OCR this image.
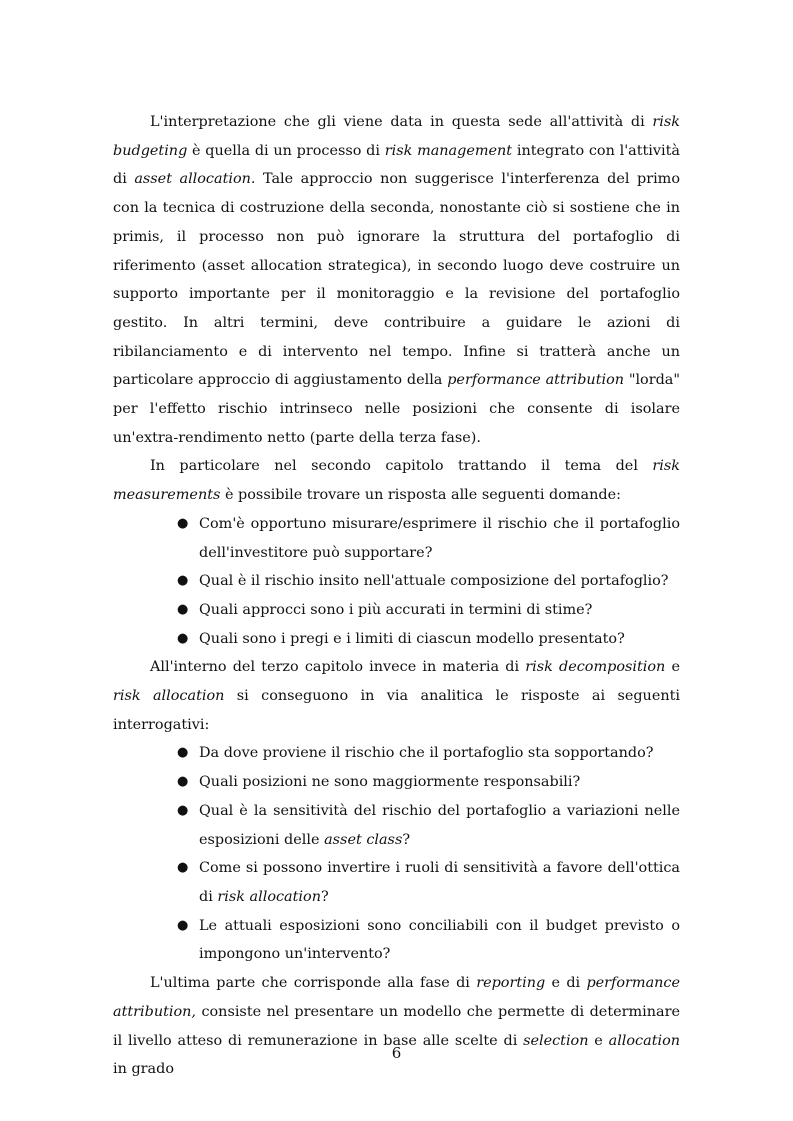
L'interpretazione che gli viene data in questa sede all'attività di risk budgeting è quella di un processo di risk management integrato con l'attività di asset allocation. Tale approccio non suggerisce l'interferenza del primo con la tecnica di costruzione della seconda, nonostante ciò si sostiene che in primis, il processo non può ignorare la struttura del portafoglio di riferimento (asset allocation strategica), in secondo luogo deve costruire un supporto importante per il monitoraggio e la revisione del portafoglio gestito. In altri termini, deve contribuire a guidare le azioni di ribilanciamento e di intervento nel tempo. Infine si tratterà anche un particolare approccio di aggiustamento della performance attribution "lorda" per l'effetto rischio intrinseco nelle posizioni che consente di isolare un'extra-rendimento netto (parte della terza fase).

In particolare nel secondo capitolo trattando il tema del risk measurements è possibile trovare un risposta alle seguenti domande:

● Com'è opportuno misurare/esprimere il rischio che il portafoglio dell'investitore può supportare?
● Qual è il rischio insito nell'attuale composizione del portafoglio?
● Quali approcci sono i più accurati in termini di stime?
● Quali sono i pregi e i limiti di ciascun modello presentato?

All'interno del terzo capitolo invece in materia di risk decomposition e risk allocation si conseguono in via analitica le risposte ai seguenti interrogativi:

● Da dove proviene il rischio che il portafoglio sta sopportando?
● Quali posizioni ne sono maggiormente responsabili?
● Qual è la sensitività del rischio del portafoglio a variazioni nelle esposizioni delle asset class?
● Come si possono invertire i ruoli di sensitività a favore dell'ottica di risk allocation?
● Le attuali esposizioni sono conciliabili con il budget previsto o impongono un'intervento?

L'ultima parte che corrisponde alla fase di reporting e di performance attribution, consiste nel presentare un modello che permette di determinare il livello atteso di remunerazione in base alle scelte di selection e allocation in grado

6
